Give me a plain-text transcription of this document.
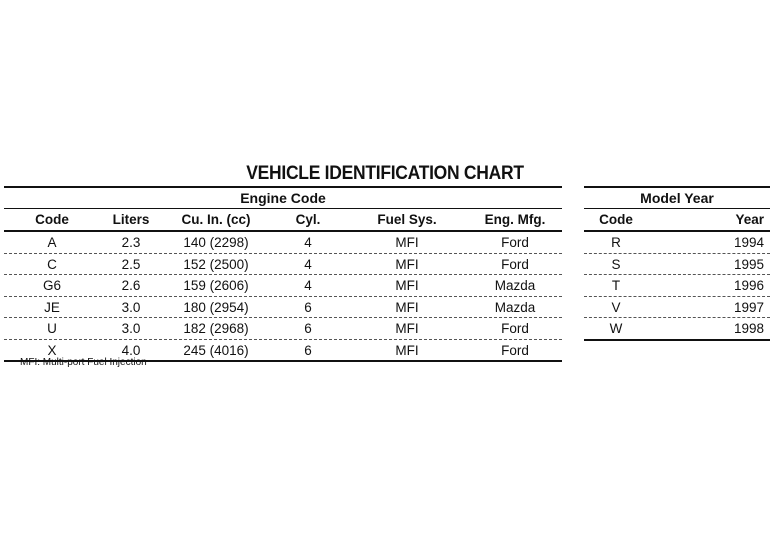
VEHICLE IDENTIFICATION CHART
Engine Code
Code	Liters	Cu. In. (cc)	Cyl.	Fuel Sys.	Eng. Mfg.
A	2.3	140 (2298)	4	MFI	Ford
C	2.5	152 (2500)	4	MFI	Ford
G6	2.6	159 (2606)	4	MFI	Mazda
JE	3.0	180 (2954)	6	MFI	Mazda
U	3.0	182 (2968)	6	MFI	Ford
X	4.0	245 (4016)	6	MFI	Ford
Model Year
Code	Year
R	1994
S	1995
T	1996
V	1997
W	1998
MFI: Multi-port Fuel Injection
